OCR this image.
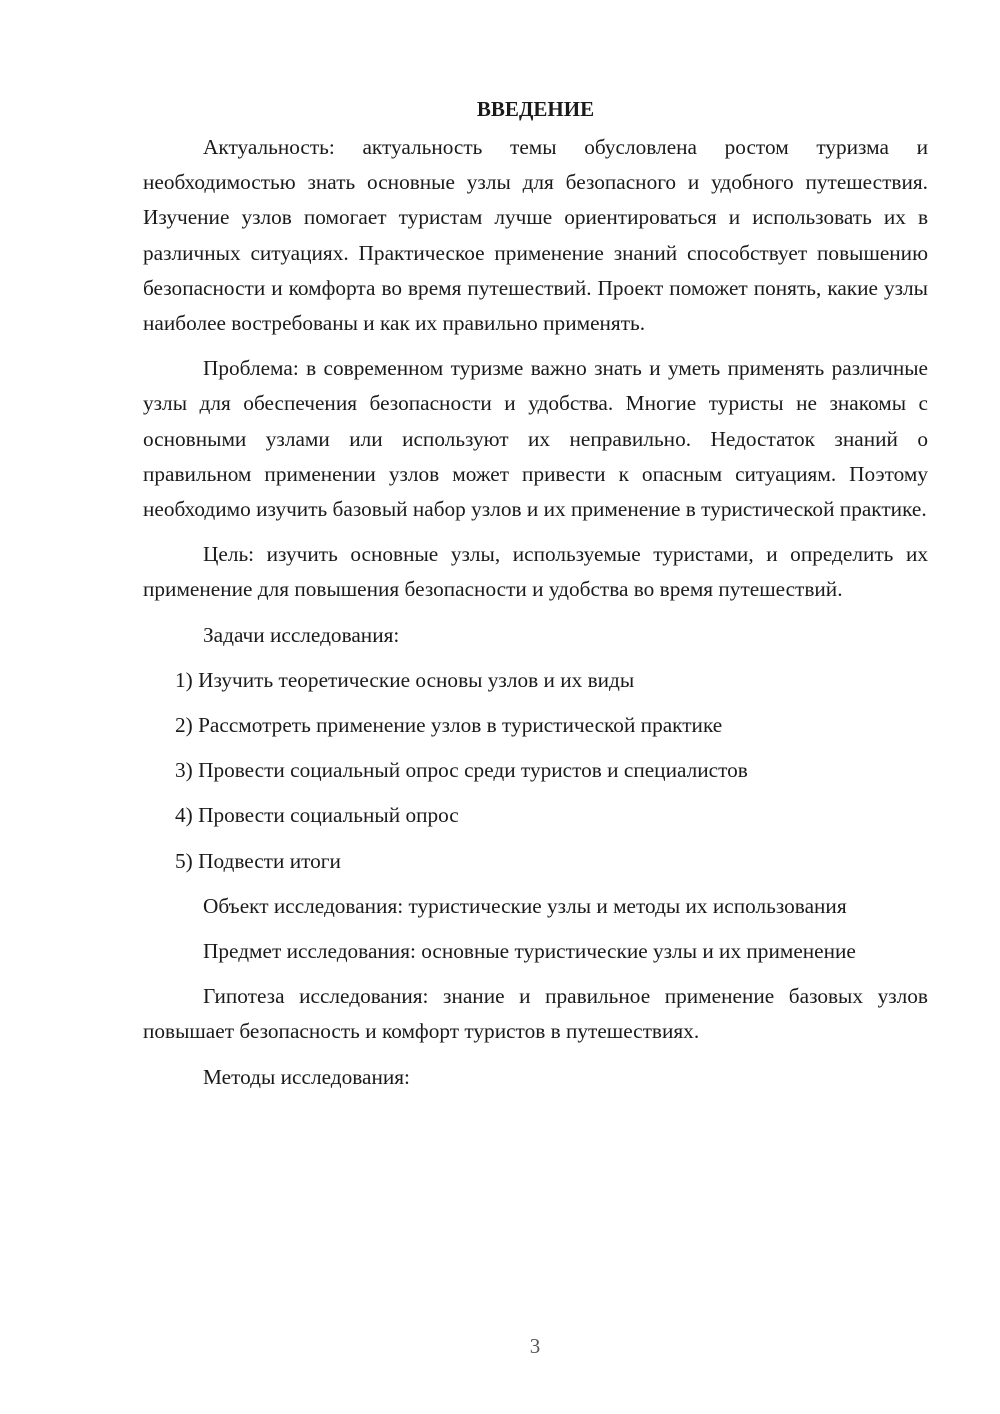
ВВЕДЕНИЕ

Актуальность: актуальность темы обусловлена ростом туризма и необходимостью знать основные узлы для безопасного и удобного путешествия. Изучение узлов помогает туристам лучше ориентироваться и использовать их в различных ситуациях. Практическое применение знаний способствует повышению безопасности и комфорта во время путешествий. Проект поможет понять, какие узлы наиболее востребованы и как их правильно применять.

Проблема: в современном туризме важно знать и уметь применять различные узлы для обеспечения безопасности и удобства. Многие туристы не знакомы с основными узлами или используют их неправильно. Недостаток знаний о правильном применении узлов может привести к опасным ситуациям. Поэтому необходимо изучить базовый набор узлов и их применение в туристической практике.

Цель: изучить основные узлы, используемые туристами, и определить их применение для повышения безопасности и удобства во время путешествий.

Задачи исследования:

1) Изучить теоретические основы узлов и их виды
2) Рассмотреть применение узлов в туристической практике
3) Провести социальный опрос среди туристов и специалистов
4) Провести социальный опрос
5) Подвести итоги

Объект исследования: туристические узлы и методы их использования

Предмет исследования: основные туристические узлы и их применение

Гипотеза исследования: знание и правильное применение базовых узлов повышает безопасность и комфорт туристов в путешествиях.

Методы исследования:

3
